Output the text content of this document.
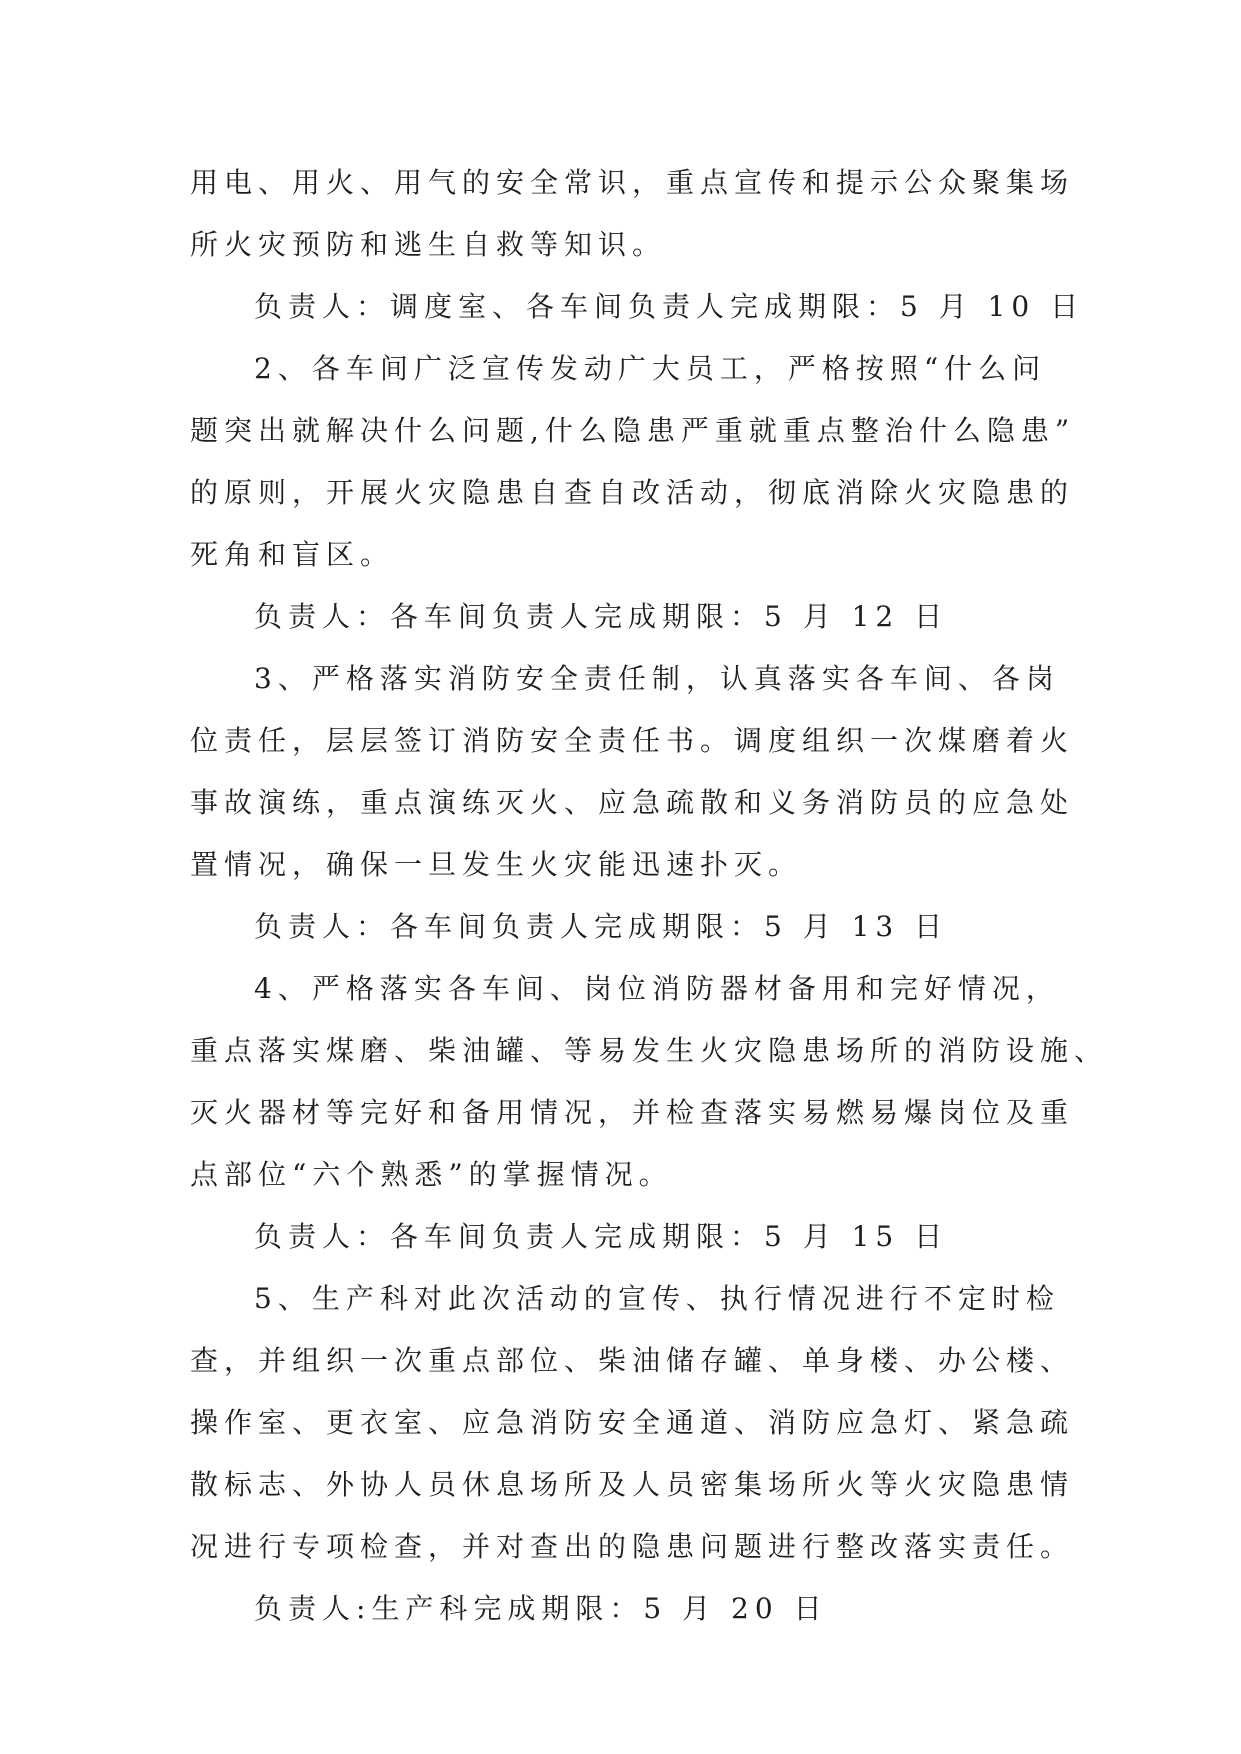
用电、用火、用气的安全常识，重点宣传和提示公众聚集场
所火灾预防和逃生自救等知识。
负责人：调度室、各车间负责人完成期限：5 月 10 日
2、各车间广泛宣传发动广大员工，严格按照“什么问
题突出就解决什么问题,什么隐患严重就重点整治什么隐患”
的原则，开展火灾隐患自查自改活动，彻底消除火灾隐患的
死角和盲区。
负责人：各车间负责人完成期限：5 月 12 日
3、严格落实消防安全责任制，认真落实各车间、各岗
位责任，层层签订消防安全责任书。调度组织一次煤磨着火
事故演练，重点演练灭火、应急疏散和义务消防员的应急处
置情况，确保一旦发生火灾能迅速扑灭。
负责人：各车间负责人完成期限：5 月 13 日
4、严格落实各车间、岗位消防器材备用和完好情况，
重点落实煤磨、柴油罐、等易发生火灾隐患场所的消防设施、
灭火器材等完好和备用情况，并检查落实易燃易爆岗位及重
点部位“六个熟悉”的掌握情况。
负责人：各车间负责人完成期限：5 月 15 日
5、生产科对此次活动的宣传、执行情况进行不定时检
查，并组织一次重点部位、柴油储存罐、单身楼、办公楼、
操作室、更衣室、应急消防安全通道、消防应急灯、紧急疏
散标志、外协人员休息场所及人员密集场所火等火灾隐患情
况进行专项检查，并对查出的隐患问题进行整改落实责任。
负责人:生产科完成期限：5 月 20 日
